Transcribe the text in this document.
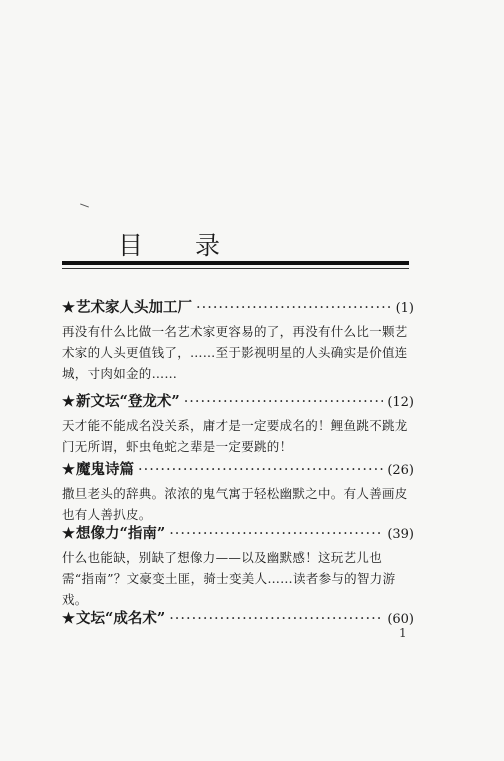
目录
★ 艺术家人头加工厂 ·····	(1)
再没有什么比做一名艺术家更容易的了，再没有什么比一颗艺术家的人头更值钱了，……至于影视明星的人头确实是价值连城，寸肉如金的……
★ 新文坛“登龙术” ·····	(12)
天才能不能成名没关系，庸才是一定要成名的！鲤鱼跳不跳龙门无所谓，虾虫龟蛇之辈是一定要跳的！
★ 魔鬼诗篇 ·····	(26)
撒旦老头的辞典。浓浓的鬼气寓于轻松幽默之中。有人善画皮也有人善扒皮。
★ 想像力“指南” ·····	(39)
什么也能缺，别缺了想像力——以及幽默感！这玩艺儿也需“指南”？文豪变土匪，骑士变美人……读者参与的智力游戏。
★ 文坛“成名术” ·····	(60)
1
